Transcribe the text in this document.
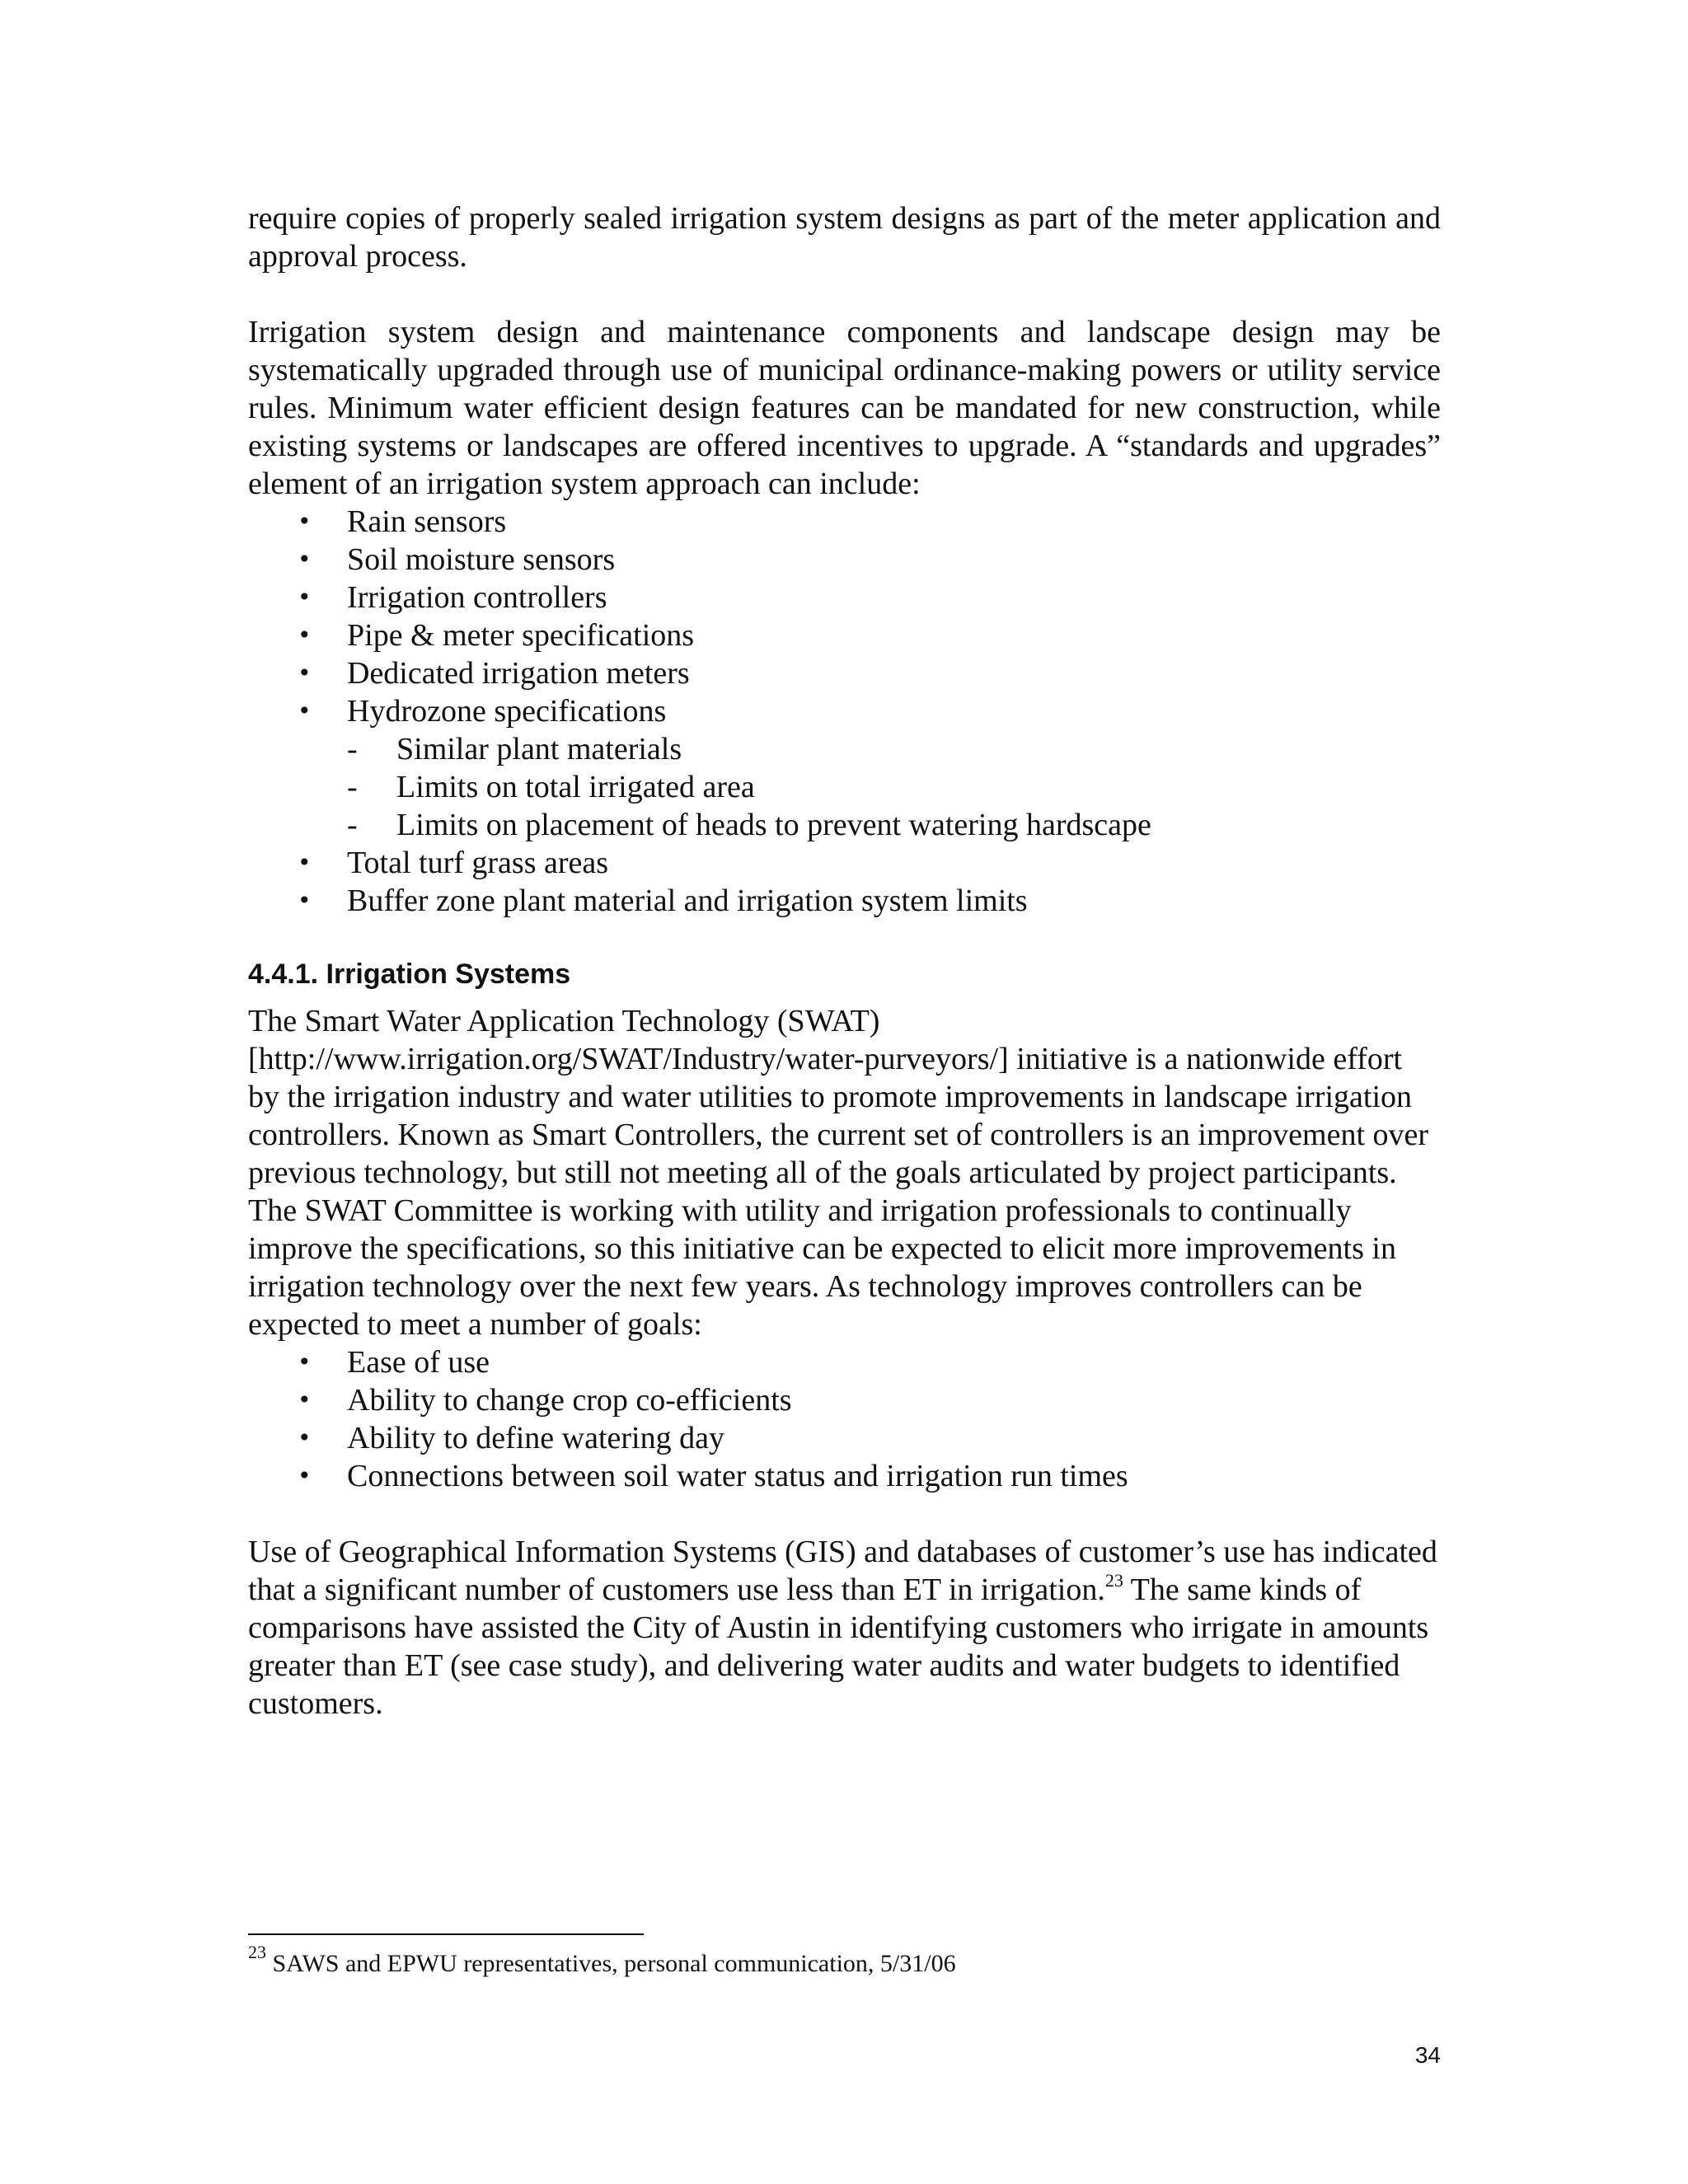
require copies of properly sealed irrigation system designs as part of the meter application and approval process.

Irrigation system design and maintenance components and landscape design may be systematically upgraded through use of municipal ordinance-making powers or utility service rules. Minimum water efficient design features can be mandated for new construction, while existing systems or landscapes are offered incentives to upgrade. A “standards and upgrades” element of an irrigation system approach can include:

• Rain sensors
• Soil moisture sensors
• Irrigation controllers
• Pipe & meter specifications
• Dedicated irrigation meters
• Hydrozone specifications
- Similar plant materials
- Limits on total irrigated area
- Limits on placement of heads to prevent watering hardscape
• Total turf grass areas
• Buffer zone plant material and irrigation system limits
4.4.1. Irrigation Systems

The Smart Water Application Technology (SWAT) [http://www.irrigation.org/SWAT/Industry/water-purveyors/] initiative is a nationwide effort by the irrigation industry and water utilities to promote improvements in landscape irrigation controllers. Known as Smart Controllers, the current set of controllers is an improvement over previous technology, but still not meeting all of the goals articulated by project participants. The SWAT Committee is working with utility and irrigation professionals to continually improve the specifications, so this initiative can be expected to elicit more improvements in irrigation technology over the next few years. As technology improves controllers can be expected to meet a number of goals:

• Ease of use
• Ability to change crop co-efficients
• Ability to define watering day
• Connections between soil water status and irrigation run times

Use of Geographical Information Systems (GIS) and databases of customer’s use has indicated that a significant number of customers use less than ET in irrigation.$^{23}$ The same kinds of comparisons have assisted the City of Austin in identifying customers who irrigate in amounts greater than ET (see case study), and delivering water audits and water budgets to identified customers.

$^{23}$ SAWS and EPWU representatives, personal communication, 5/31/06
34
